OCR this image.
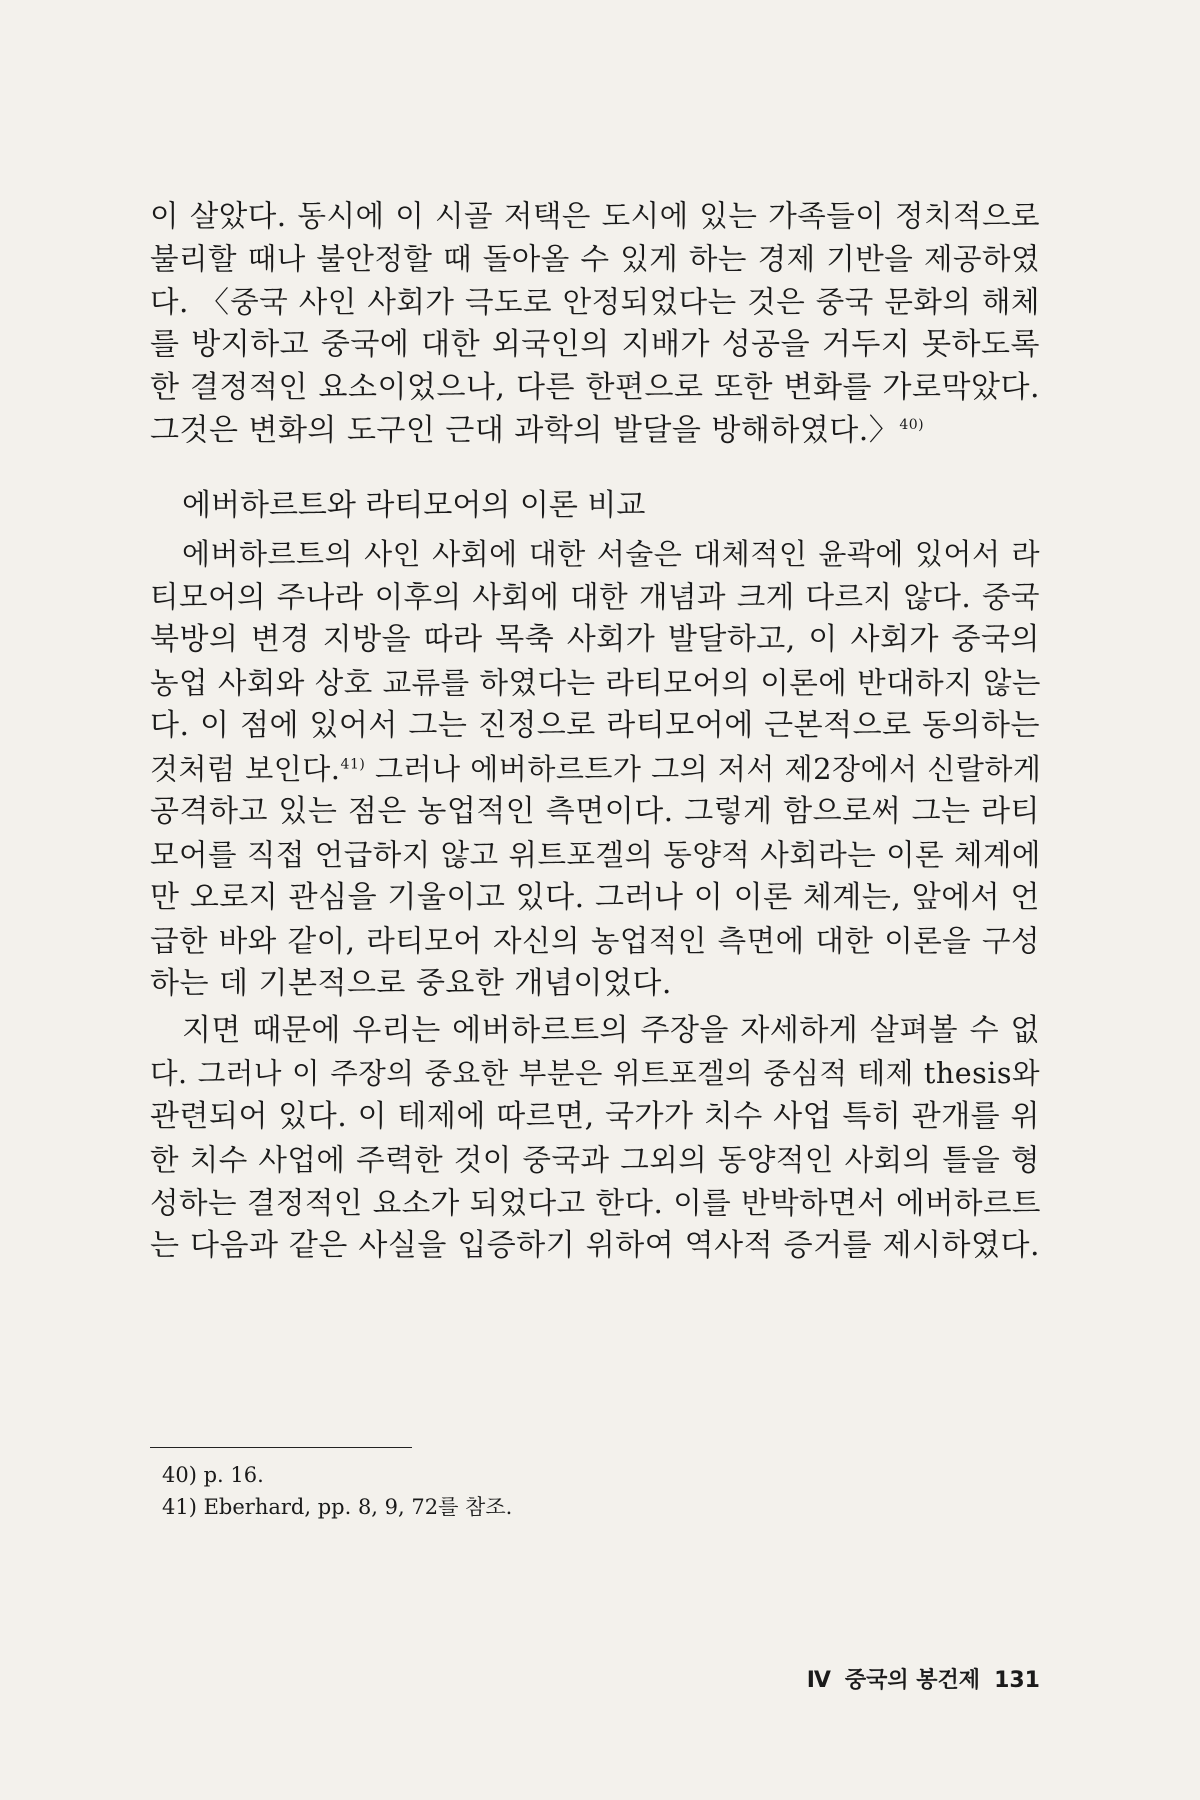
이 살았다. 동시에 이 시골 저택은 도시에 있는 가족들이 정치적으로
불리할 때나 불안정할 때 돌아올 수 있게 하는 경제 기반을 제공하였
다. 〈중국 사인 사회가 극도로 안정되었다는 것은 중국 문화의 해체
를 방지하고 중국에 대한 외국인의 지배가 성공을 거두지 못하도록
한 결정적인 요소이었으나, 다른 한편으로 또한 변화를 가로막았다.
그것은 변화의 도구인 근대 과학의 발달을 방해하였다.〉$^{40)}$
에버하르트와 라티모어의 이론 비교
에버하르트의 사인 사회에 대한 서술은 대체적인 윤곽에 있어서 라
티모어의 주나라 이후의 사회에 대한 개념과 크게 다르지 않다. 중국
북방의 변경 지방을 따라 목축 사회가 발달하고, 이 사회가 중국의
농업 사회와 상호 교류를 하였다는 라티모어의 이론에 반대하지 않는
다. 이 점에 있어서 그는 진정으로 라티모어에 근본적으로 동의하는
것처럼 보인다.$^{41)}$ 그러나 에버하르트가 그의 저서 제2장에서 신랄하게
공격하고 있는 점은 농업적인 측면이다. 그렇게 함으로써 그는 라티
모어를 직접 언급하지 않고 위트포겔의 동양적 사회라는 이론 체계에
만 오로지 관심을 기울이고 있다. 그러나 이 이론 체계는, 앞에서 언
급한 바와 같이, 라티모어 자신의 농업적인 측면에 대한 이론을 구성
하는 데 기본적으로 중요한 개념이었다.
지면 때문에 우리는 에버하르트의 주장을 자세하게 살펴볼 수 없
다. 그러나 이 주장의 중요한 부분은 위트포겔의 중심적 테제 thesis와
관련되어 있다. 이 테제에 따르면, 국가가 치수 사업 특히 관개를 위
한 치수 사업에 주력한 것이 중국과 그외의 동양적인 사회의 틀을 형
성하는 결정적인 요소가 되었다고 한다. 이를 반박하면서 에버하르트
는 다음과 같은 사실을 입증하기 위하여 역사적 증거를 제시하였다.
40) p. 16.
41) Eberhard, pp. 8, 9, 72를 참조.
Ⅳ 중국의 봉건제 131
